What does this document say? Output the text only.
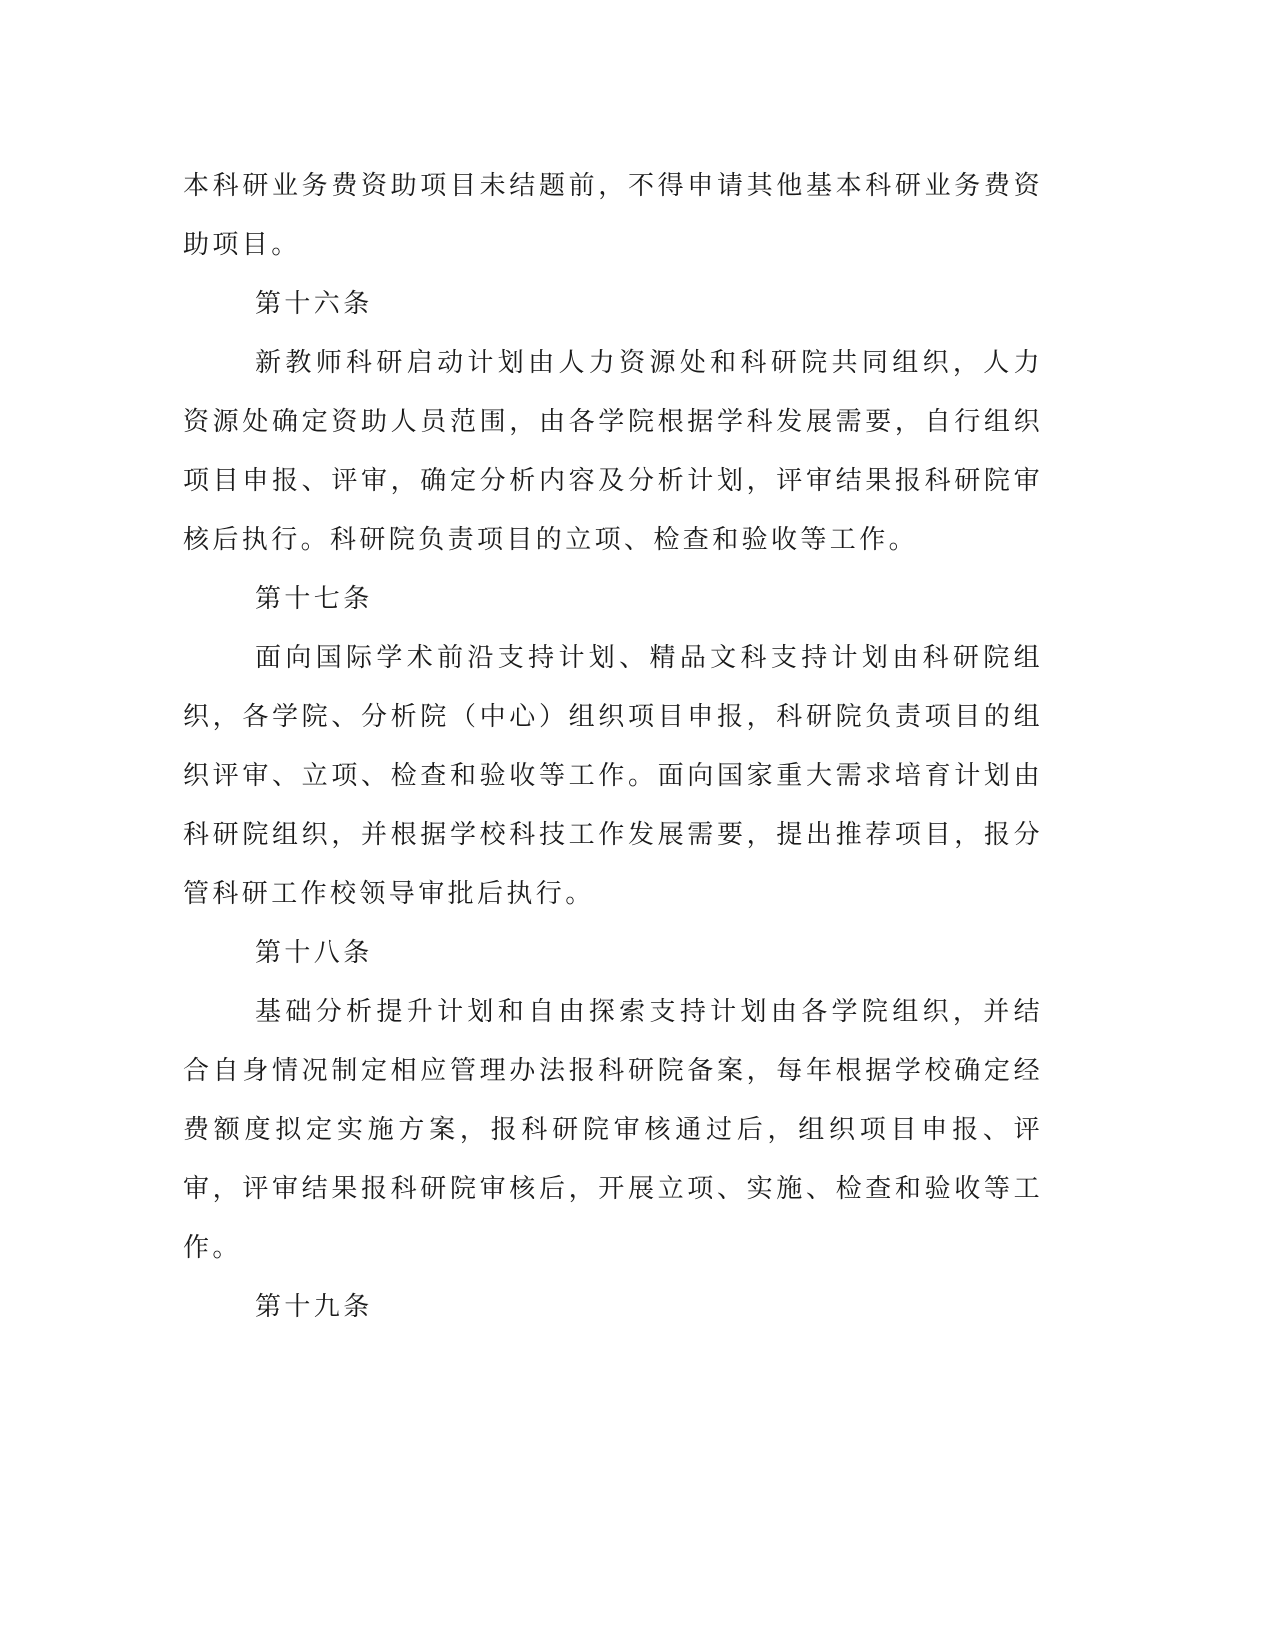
本科研业务费资助项目未结题前，不得申请其他基本科研业务费资助项目。

第十六条

新教师科研启动计划由人力资源处和科研院共同组织，人力资源处确定资助人员范围，由各学院根据学科发展需要，自行组织项目申报、评审，确定分析内容及分析计划，评审结果报科研院审核后执行。科研院负责项目的立项、检查和验收等工作。

第十七条

面向国际学术前沿支持计划、精品文科支持计划由科研院组织，各学院、分析院（中心）组织项目申报，科研院负责项目的组织评审、立项、检查和验收等工作。面向国家重大需求培育计划由科研院组织，并根据学校科技工作发展需要，提出推荐项目，报分管科研工作校领导审批后执行。

第十八条

基础分析提升计划和自由探索支持计划由各学院组织，并结合自身情况制定相应管理办法报科研院备案，每年根据学校确定经费额度拟定实施方案，报科研院审核通过后，组织项目申报、评审，评审结果报科研院审核后，开展立项、实施、检查和验收等工作。

第十九条
